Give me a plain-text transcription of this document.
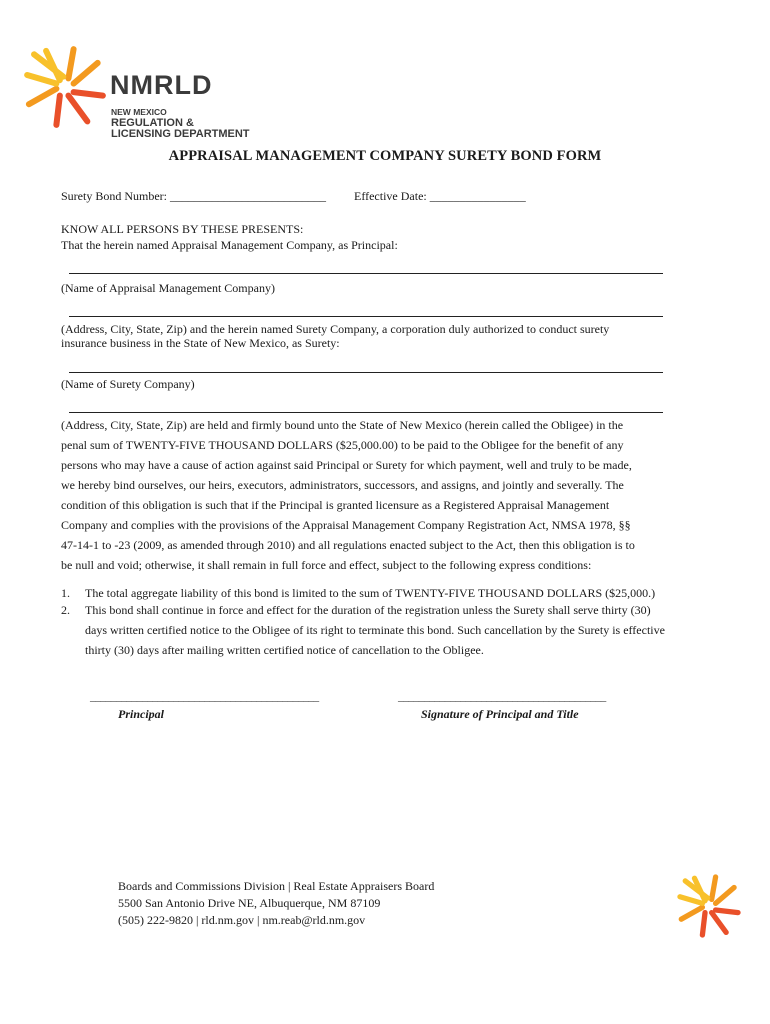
NMRLD
NEW MEXICO
REGULATION &
LICENSING DEPARTMENT
APPRAISAL MANAGEMENT COMPANY SURETY BOND FORM
Surety Bond Number: __________________________ Effective Date: ________________
KNOW ALL PERSONS BY THESE PRESENTS:
That the herein named Appraisal Management Company, as Principal:
(Name of Appraisal Management Company)
(Address, City, State, Zip) and the herein named Surety Company, a corporation duly authorized to conduct surety
insurance business in the State of New Mexico, as Surety:
(Name of Surety Company)
(Address, City, State, Zip) are held and firmly bound unto the State of New Mexico (herein called the Obligee) in the
penal sum of TWENTY-FIVE THOUSAND DOLLARS ($25,000.00) to be paid to the Obligee for the benefit of any
persons who may have a cause of action against said Principal or Surety for which payment, well and truly to be made,
we hereby bind ourselves, our heirs, executors, administrators, successors, and assigns, and jointly and severally. The
condition of this obligation is such that if the Principal is granted licensure as a Registered Appraisal Management
Company and complies with the provisions of the Appraisal Management Company Registration Act, NMSA 1978, §§
47-14-1 to -23 (2009, as amended through 2010) and all regulations enacted subject to the Act, then this obligation is to
be null and void; otherwise, it shall remain in full force and effect, subject to the following express conditions:
1. The total aggregate liability of this bond is limited to the sum of TWENTY-FIVE THOUSAND DOLLARS ($25,000.)
2. This bond shall continue in force and effect for the duration of the registration unless the Surety shall serve thirty (30)
days written certified notice to the Obligee of its right to terminate this bond. Such cancellation by the Surety is effective
thirty (30) days after mailing written certified notice of cancellation to the Obligee.
____________________________________________	________________________________________
Principal	Signature of Principal and Title
Boards and Commissions Division | Real Estate Appraisers Board
5500 San Antonio Drive NE, Albuquerque, NM 87109
(505) 222-9820 | rld.nm.gov | nm.reab@rld.nm.gov
